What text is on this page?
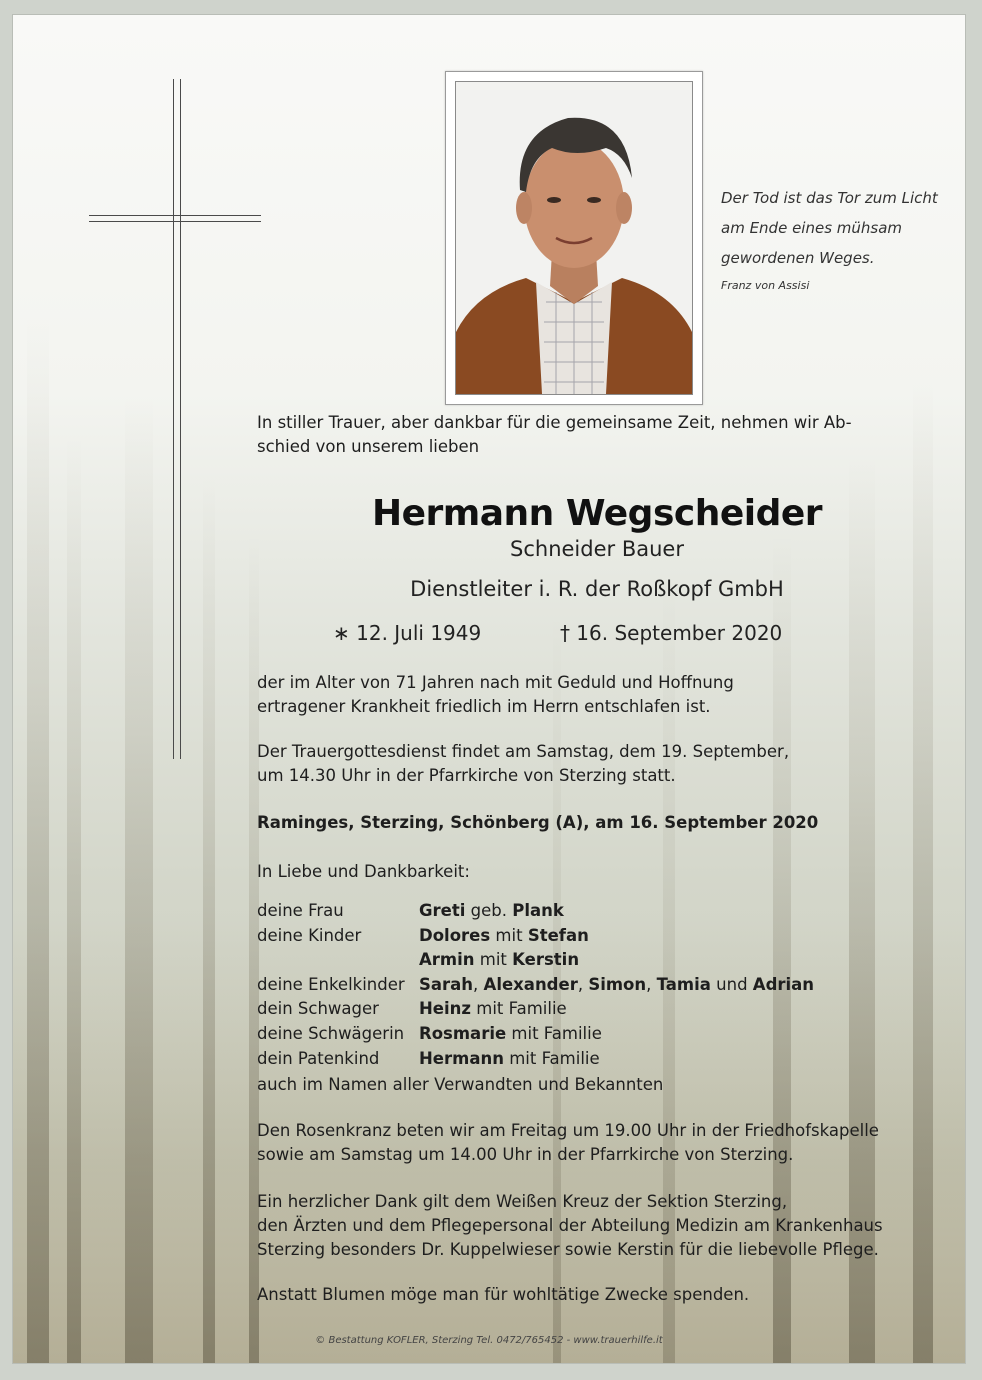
Der Tod ist das Tor zum Licht
am Ende eines mühsam
gewordenen Weges.
Franz von Assisi
In stiller Trauer, aber dankbar für die gemeinsame Zeit, nehmen wir Ab-
schied von unserem lieben
Hermann Wegscheider
Schneider Bauer
Dienstleiter i. R. der Roßkopf GmbH
∗ 12. Juli 1949	† 16. September 2020
der im Alter von 71 Jahren nach mit Geduld und Hoffnung
ertragener Krankheit friedlich im Herrn entschlafen ist.
Der Trauergottesdienst findet am Samstag, dem 19. September,
um 14.30 Uhr in der Pfarrkirche von Sterzing statt.
Raminges, Sterzing, Schönberg (A), am 16. September 2020
In Liebe und Dankbarkeit:
deine Frau	Greti geb. Plank
deine Kinder	Dolores mit Stefan
Armin mit Kerstin
deine Enkelkinder Sarah, Alexander, Simon, Tamia und Adrian
dein Schwager	Heinz mit Familie
deine Schwägerin Rosmarie mit Familie
dein Patenkind	Hermann mit Familie
auch im Namen aller Verwandten und Bekannten
Den Rosenkranz beten wir am Freitag um 19.00 Uhr in der Friedhofskapelle
sowie am Samstag um 14.00 Uhr in der Pfarrkirche von Sterzing.
Ein herzlicher Dank gilt dem Weißen Kreuz der Sektion Sterzing,
den Ärzten und dem Pflegepersonal der Abteilung Medizin am Krankenhaus
Sterzing besonders Dr. Kuppelwieser sowie Kerstin für die liebevolle Pflege.
Anstatt Blumen möge man für wohltätige Zwecke spenden.
© Bestattung KOFLER, Sterzing Tel. 0472/765452 - www.trauerhilfe.it
